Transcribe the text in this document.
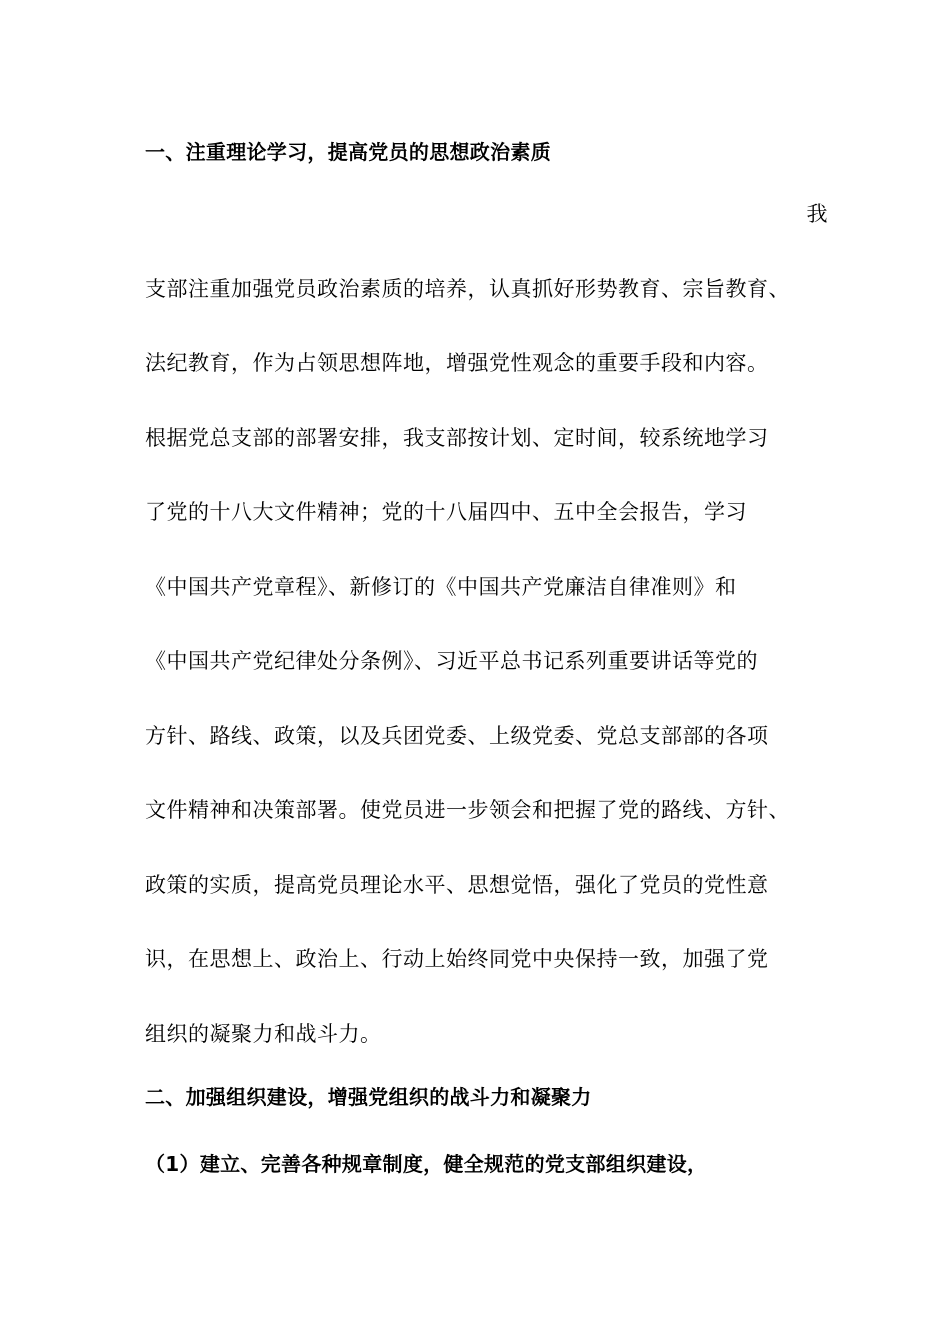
一、注重理论学习，提高党员的思想政治素质
我
支部注重加强党员政治素质的培养，认真抓好形势教育、宗旨教育、
法纪教育，作为占领思想阵地，增强党性观念的重要手段和内容。
根据党总支部的部署安排，我支部按计划、定时间，较系统地学习
了党的十八大文件精神；党的十八届四中、五中全会报告，学习
《中国共产党章程》、新修订的《中国共产党廉洁自律准则》和
《中国共产党纪律处分条例》、习近平总书记系列重要讲话等党的
方针、路线、政策，以及兵团党委、上级党委、党总支部部的各项
文件精神和决策部署。使党员进一步领会和把握了党的路线、方针、
政策的实质，提高党员理论水平、思想觉悟，强化了党员的党性意
识，在思想上、政治上、行动上始终同党中央保持一致，加强了党
组织的凝聚力和战斗力。
二、加强组织建设，增强党组织的战斗力和凝聚力
（1）建立、完善各种规章制度，健全规范的党支部组织建设，
